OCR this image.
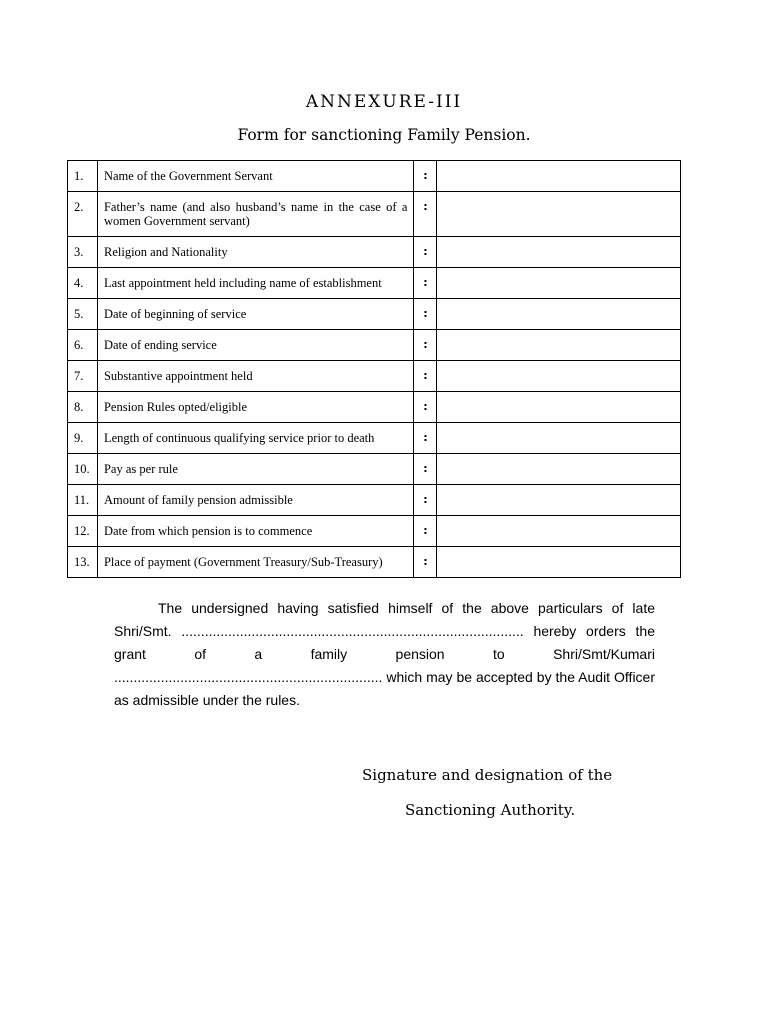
ANNEXURE-III
Form for sanctioning Family Pension.
1.	Name of the Government Servant	:	
2.	Father’s name (and also husband’s name in the case of a women Government servant)	:	
3.	Religion and Nationality	:	
4.	Last appointment held including name of establishment	:	
5.	Date of beginning of service	:	
6.	Date of ending service	:	
7.	Substantive appointment held	:	
8.	Pension Rules opted/eligible	:	
9.	Length of continuous qualifying service prior to death	:	
10.	Pay as per rule	:	
11.	Amount of family pension admissible	:	
12.	Date from which pension is to commence	:	
13.	Place of payment (Government Treasury/Sub-Treasury)	:	

The undersigned having satisfied himself of the above particulars of late Shri/Smt. ........................................................................................ hereby orders the grant of a family pension to Shri/Smt/Kumari ..................................................................... which may be accepted by the Audit Officer as admissible under the rules.

Signature and designation of the
Sanctioning Authority.
